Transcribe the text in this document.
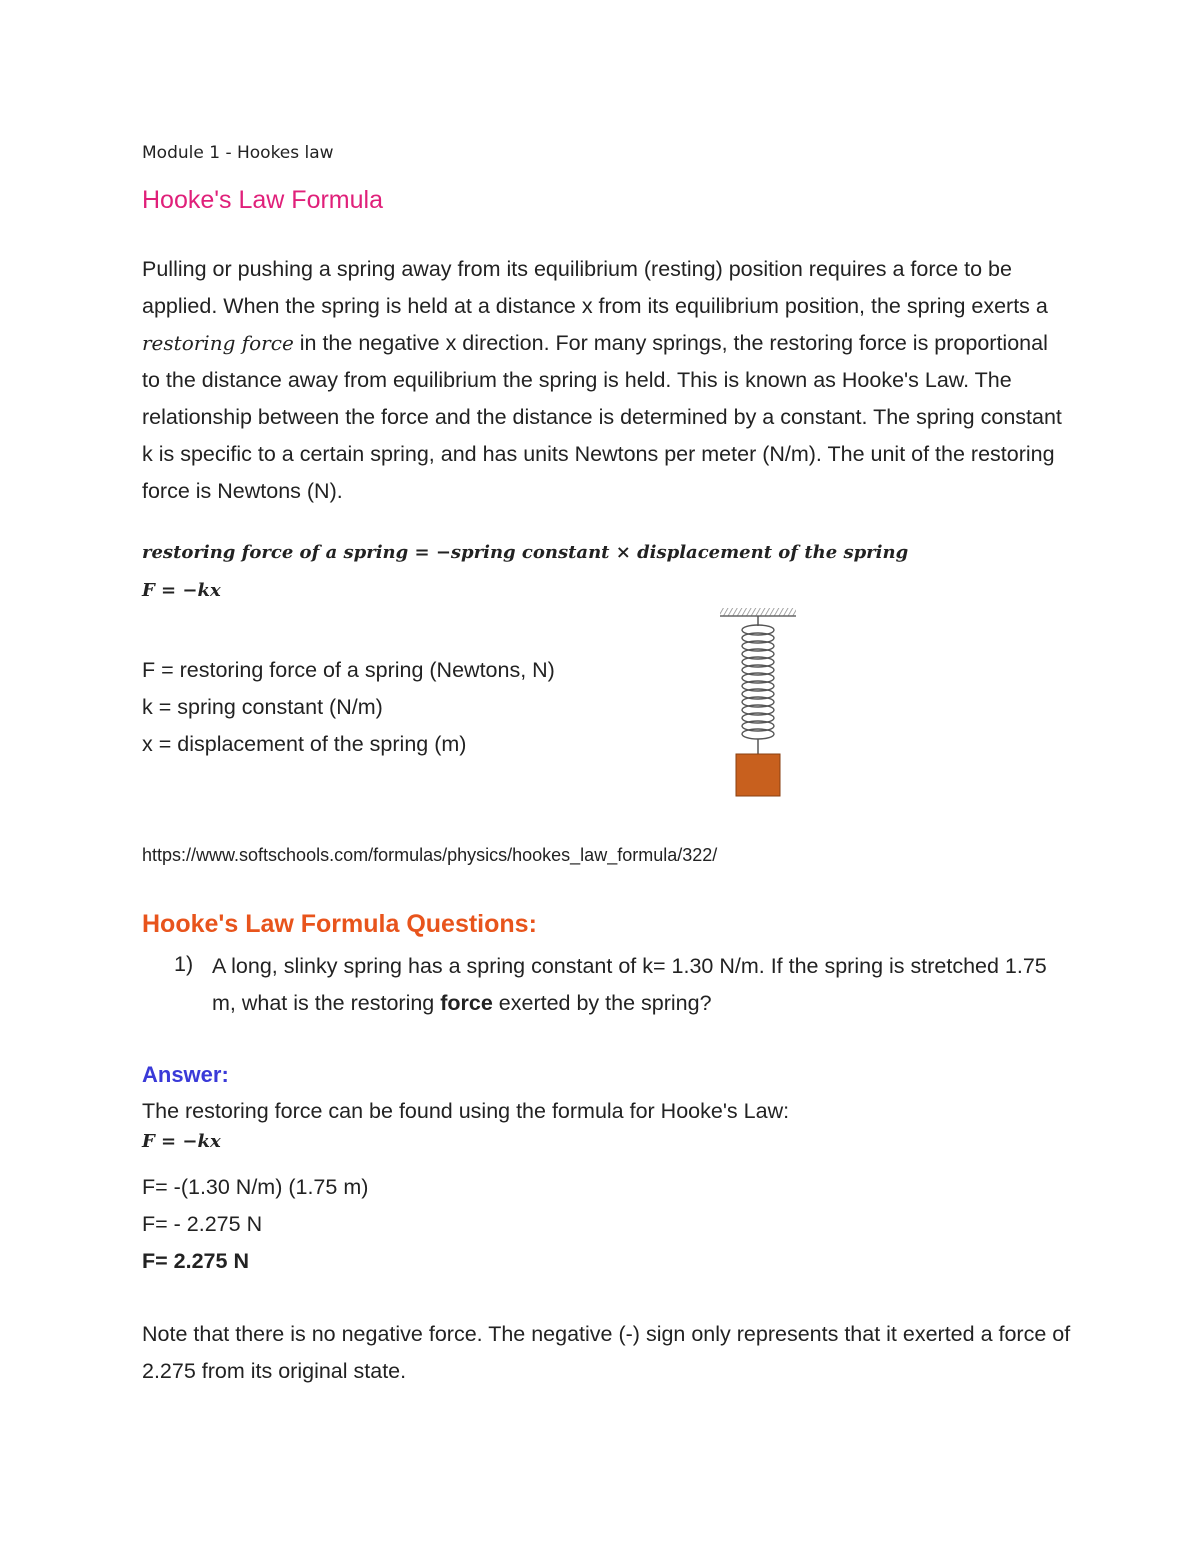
Module 1 - Hookes law
Hooke's Law Formula
Pulling or pushing a spring away from its equilibrium (resting) position requires a force to be applied. When the spring is held at a distance x from its equilibrium position, the spring exerts a restoring force in the negative x direction. For many springs, the restoring force is proportional to the distance away from equilibrium the spring is held. This is known as Hooke's Law. The relationship between the force and the distance is determined by a constant. The spring constant k is specific to a certain spring, and has units Newtons per meter (N/m). The unit of the restoring force is Newtons (N).
restoring force of a spring = −spring constant × displacement of the spring
F = −kx
F = restoring force of a spring (Newtons, N)
k = spring constant (N/m)
x = displacement of the spring (m)
https://www.softschools.com/formulas/physics/hookes_law_formula/322/
Hooke's Law Formula Questions:
1) A long, slinky spring has a spring constant of k= 1.30 N/m. If the spring is stretched 1.75 m, what is the restoring force exerted by the spring?
Answer:
The restoring force can be found using the formula for Hooke's Law:
F = −kx
F= -(1.30 N/m) (1.75 m)
F= - 2.275 N
F= 2.275 N
Note that there is no negative force. The negative (-) sign only represents that it exerted a force of 2.275 from its original state.
